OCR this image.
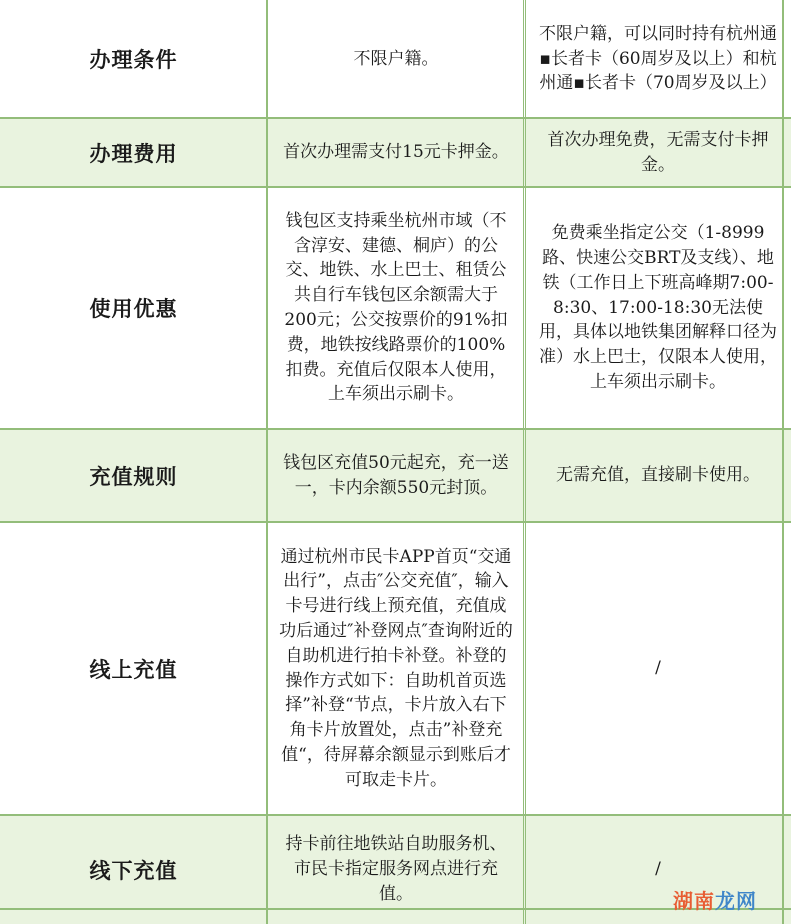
办理条件	不限户籍。
不限户籍，可以同时持有杭州通▪长者卡（60周岁及以上）和杭州通▪长者卡（70周岁及以上）
办理费用	首次办理需支付15元卡押金。
首次办理免费，无需支付卡押金。
使用优惠
钱包区支持乘坐杭州市域（不含淳安、建德、桐庐）的公交、地铁、水上巴士、租赁公共自行车钱包区余额需大于200元；公交按票价的91%扣费，地铁按线路票价的100%扣费。充值后仅限本人使用，上车须出示刷卡。
免费乘坐指定公交（1-8999路、快速公交BRT及支线）、地铁（工作日上下班高峰期7:00-8:30、17:00-18:30无法使用，具体以地铁集团解释口径为准）水上巴士，仅限本人使用，上车须出示刷卡。
充值规则
钱包区充值50元起充，充一送一，卡内余额550元封顶。
无需充值，直接刷卡使用。
线上充值
通过杭州市民卡APP首页“交通出行”，点击″公交充值″，输入卡号进行线上预充值，充值成功后通过″补登网点″查询附近的自助机进行拍卡补登。补登的操作方式如下：自助机首页选择”补登“节点，卡片放入右下角卡片放置处，点击”补登充值“，待屏幕余额显示到账后才可取走卡片。
/
线下充值
持卡前往地铁站自助服务机、市民卡指定服务网点进行充值。
/
湖南龙网
